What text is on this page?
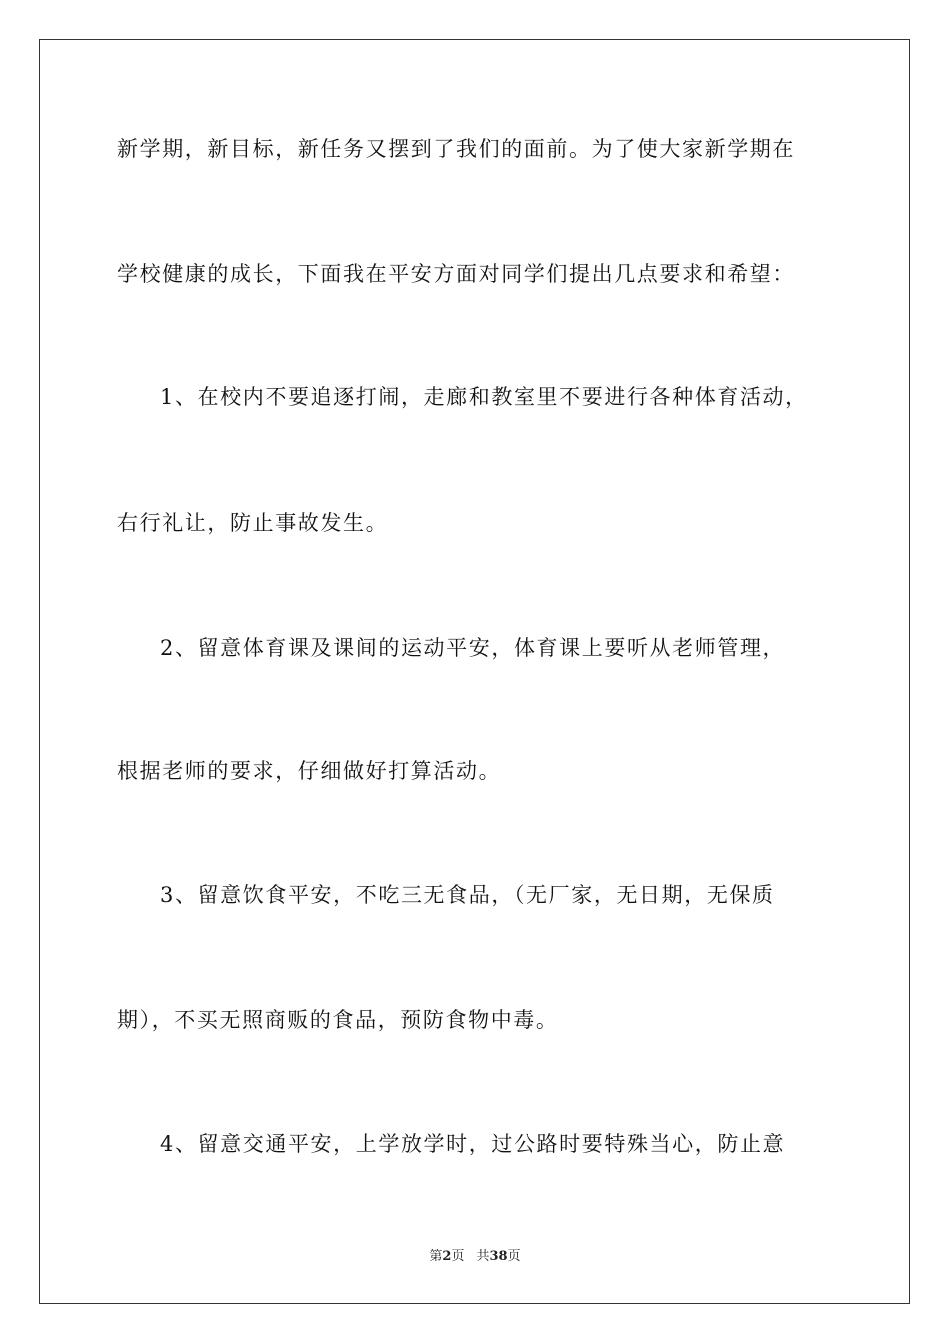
新学期，新目标，新任务又摆到了我们的面前。为了使大家新学期在
学校健康的成长，下面我在平安方面对同学们提出几点要求和希望：
1、在校内不要追逐打闹，走廊和教室里不要进行各种体育活动，
右行礼让，防止事故发生。
2、留意体育课及课间的运动平安，体育课上要听从老师管理，
根据老师的要求，仔细做好打算活动。
3、留意饮食平安，不吃三无食品，（无厂家，无日期，无保质
期），不买无照商贩的食品，预防食物中毒。
4、留意交通平安，上学放学时，过公路时要特殊当心，防止意
第2页 共38页
